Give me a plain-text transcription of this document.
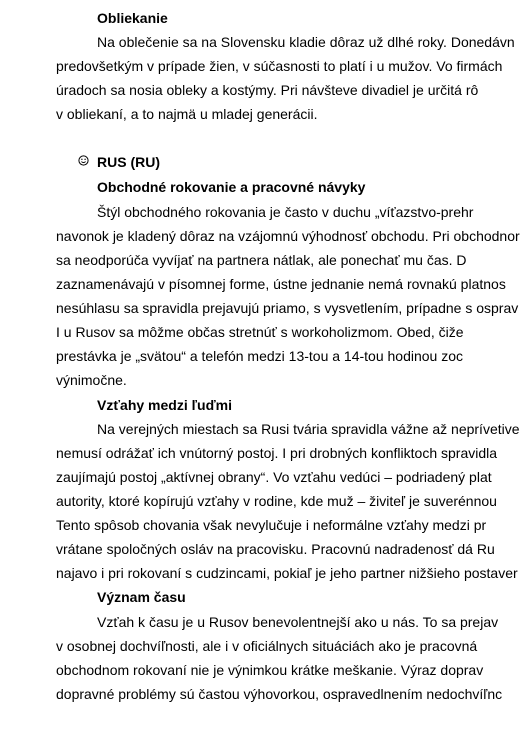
Obliekanie
Na oblečenie sa na Slovensku kladie dôraz už dlhé roky. Donedávn
predovšetkým v prípade žien, v súčasnosti to platí i u mužov. Vo firmách
úradoch sa nosia obleky a kostýmy. Pri návšteve divadiel je určitá rô
v obliekaní, a to najmä u mladej generácii.
RUS (RU)
Obchodné rokovanie a pracovné návyky
Štýl obchodného rokovania je často v duchu „víťazstvo-prehr
navonok je kladený dôraz na vzájomnú výhodnosť obchodu. Pri obchodnor
sa neodporúča vyvíjať na partnera nátlak, ale ponechať mu čas. D
zaznamenávajú v písomnej forme, ústne jednanie nemá rovnakú platnos
nesúhlasu sa spravidla prejavujú priamo, s vysvetlením, prípadne s osprav
I u Rusov sa môžme občas stretnúť s workoholizmom. Obed, čiže
prestávka je „svätou“ a telefón medzi 13-tou a 14-tou hodinou zoc
výnimočne.
Vzťahy medzi ľuďmi
Na verejných miestach sa Rusi tvária spravidla vážne až neprívetive
nemusí odrážať ich vnútorný postoj. I pri drobných konfliktoch spravidla
zaujímajú postoj „aktívnej obrany“. Vo vzťahu vedúci – podriadený plat
autority, ktoré kopírujú vzťahy v rodine, kde muž – živiteľ je suverénnou
Tento spôsob chovania však nevylučuje i neformálne vzťahy medzi pr
vrátane spoločných osláv na pracovisku. Pracovnú nadradenosť dá Ru
najavo i pri rokovaní s cudzincami, pokiaľ je jeho partner nižšieho postaver
Význam času
Vzťah k času je u Rusov benevolentnejší ako u nás. To sa prejav
v osobnej dochvíľnosti, ale i v oficiálnych situáciách ako je pracovná
obchodnom rokovaní nie je výnimkou krátke meškanie. Výraz doprav
dopravné problémy sú častou výhovorkou, ospravedlnením nedochvíľnc
